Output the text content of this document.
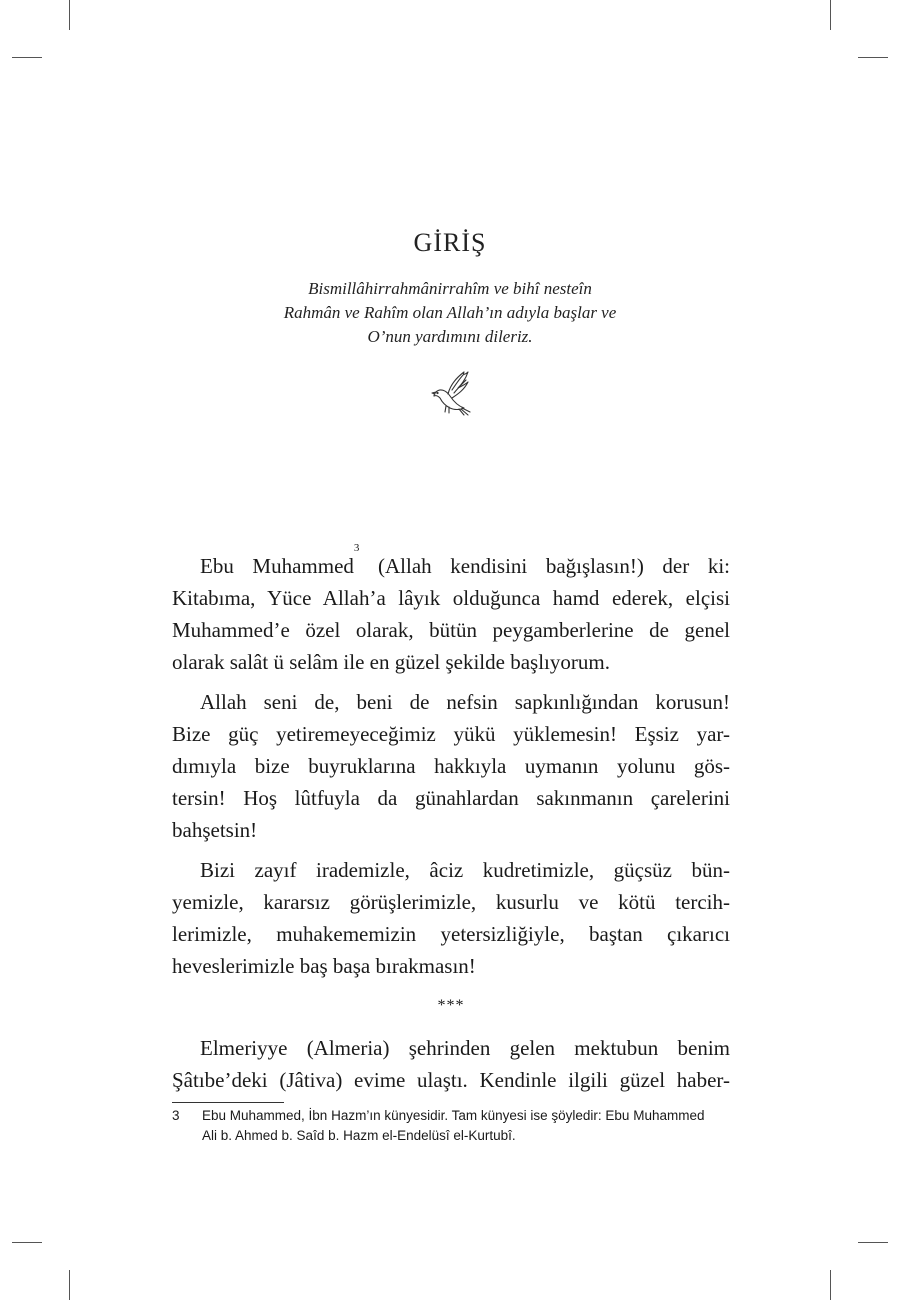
GİRİŞ
Bismillâhirrahmânirrahîm ve bihî nesteîn
Rahmân ve Rahîm olan Allah’ın adıyla başlar ve
O’nun yardımını dileriz.
Ebu Muhammed$^3$ (Allah kendisini bağışlasın!) der ki:
Kitabıma, Yüce Allah’a lâyık olduğunca hamd ederek, elçisi
Muhammed’e özel olarak, bütün peygamberlerine de genel
olarak salât ü selâm ile en güzel şekilde başlıyorum.
Allah seni de, beni de nefsin sapkınlığından korusun!
Bize güç yetiremeyeceğimiz yükü yüklemesin! Eşsiz yar-
dımıyla bize buyruklarına hakkıyla uymanın yolunu gös-
tersin! Hoş lûtfuyla da günahlardan sakınmanın çarelerini
bahşetsin!
Bizi zayıf irademizle, âciz kudretimizle, güçsüz bün-
yemizle, kararsız görüşlerimizle, kusurlu ve kötü tercih-
lerimizle, muhakememizin yetersizliğiyle, baştan çıkarıcı
heveslerimizle baş başa bırakmasın!
***
Elmeriyye (Almeria) şehrinden gelen mektubun benim
Şâtıbe’deki (Jâtiva) evime ulaştı. Kendinle ilgili güzel haber-
3 Ebu Muhammed, İbn Hazm’ın künyesidir. Tam künyesi ise şöyledir: Ebu Muhammed
Ali b. Ahmed b. Saîd b. Hazm el-Endelüsî el-Kurtubî.
